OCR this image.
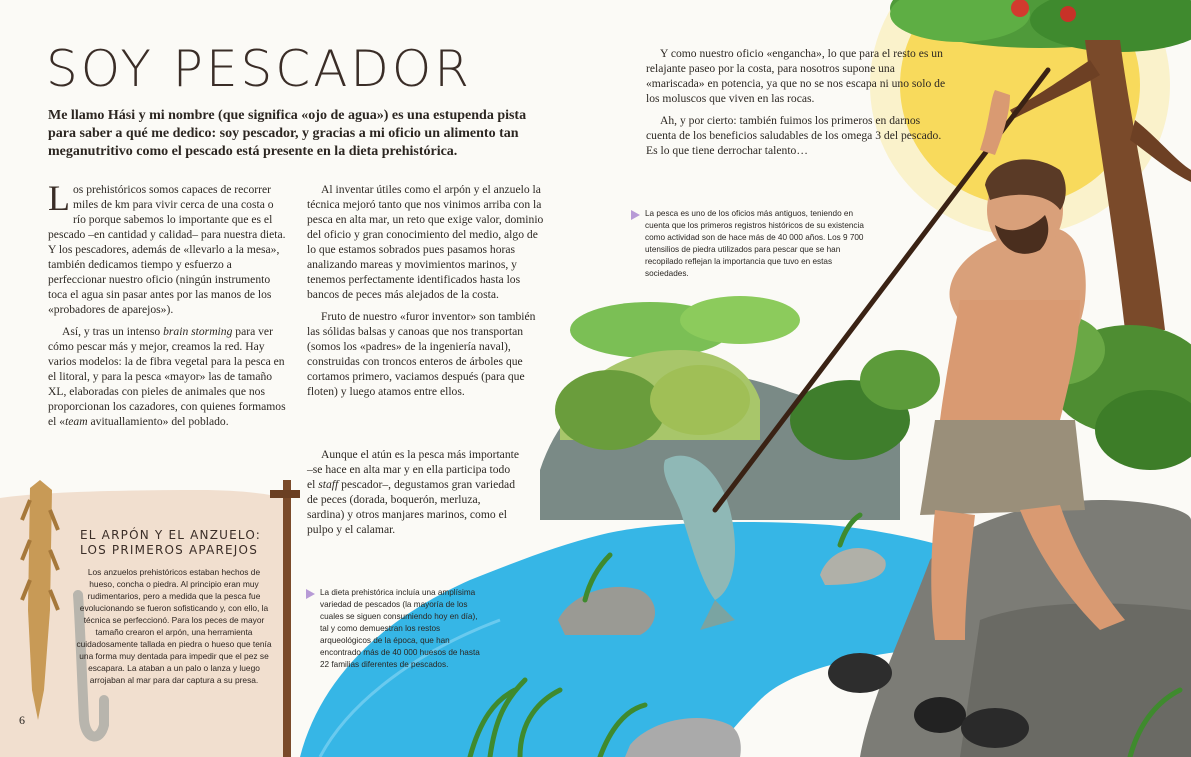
SOY PESCADOR
Me llamo Hási y mi nombre (que significa «ojo de agua») es una estupenda pista para saber a qué me dedico: soy pescador, y gracias a mi oficio un alimento tan meganutritivo como el pescado está presente en la dieta prehistórica.

Los prehistóricos somos capaces de recorrer miles de km para vivir cerca de una costa o río porque sabemos lo importante que es el pescado –en cantidad y calidad– para nuestra dieta. Y los pescadores, además de «llevarlo a la mesa», también dedicamos tiempo y esfuerzo a perfeccionar nuestro oficio (ningún instrumento toca el agua sin pasar antes por las manos de los «probadores de aparejos»).

Así, y tras un intenso brain storming para ver cómo pescar más y mejor, creamos la red. Hay varios modelos: la de fibra vegetal para la pesca en el litoral, y para la pesca «mayor» las de tamaño XL, elaboradas con pieles de animales que nos proporcionan los cazadores, con quienes formamos el «team avituallamiento» del poblado.

Al inventar útiles como el arpón y el anzuelo la técnica mejoró tanto que nos vinimos arriba con la pesca en alta mar, un reto que exige valor, dominio del oficio y gran conocimiento del medio, algo de lo que estamos sobrados pues pasamos horas analizando mareas y movimientos marinos, y tenemos perfectamente identificados hasta los bancos de peces más alejados de la costa.

Fruto de nuestro «furor inventor» son también las sólidas balsas y canoas que nos transportan (somos los «padres» de la ingeniería naval), construidas con troncos enteros de árboles que cortamos primero, vaciamos después (para que floten) y luego atamos entre ellos.

Aunque el atún es la pesca más importante –se hace en alta mar y en ella participa todo el staff pescador–, degustamos gran variedad de peces (dorada, boquerón, merluza, sardina) y otros manjares marinos, como el pulpo y el calamar.

Y como nuestro oficio «engancha», lo que para el resto es un relajante paseo por la costa, para nosotros supone una «mariscada» en potencia, ya que no se nos escapa ni uno solo de los moluscos que viven en las rocas.

Ah, y por cierto: también fuimos los primeros en darnos cuenta de los beneficios saludables de los omega 3 del pescado. Es lo que tiene derrochar talento…

La pesca es uno de los oficios más antiguos, teniendo en cuenta que los primeros registros históricos de su existencia como actividad son de hace más de 40 000 años. Los 9 700 utensilios de piedra utilizados para pescar que se han recopilado reflejan la importancia que tuvo en estas sociedades.
La dieta prehistórica incluía una amplísima variedad de pescados (la mayoría de los cuales se siguen consumiendo hoy en día), tal y como demuestran los restos arqueológicos de la época, que han encontrado más de 40 000 huesos de hasta 22 familias diferentes de pescados.
EL ARPÓN Y EL ANZUELO:
LOS PRIMEROS APAREJOS
Los anzuelos prehistóricos estaban hechos de hueso, concha o piedra. Al principio eran muy rudimentarios, pero a medida que la pesca fue evolucionando se fueron sofisticando y, con ello, la técnica se perfeccionó. Para los peces de mayor tamaño crearon el arpón, una herramienta cuidadosamente tallada en piedra o hueso que tenía una forma muy dentada para impedir que el pez se escapara. La ataban a un palo o lanza y luego arrojaban al mar para dar captura a su presa.
6
